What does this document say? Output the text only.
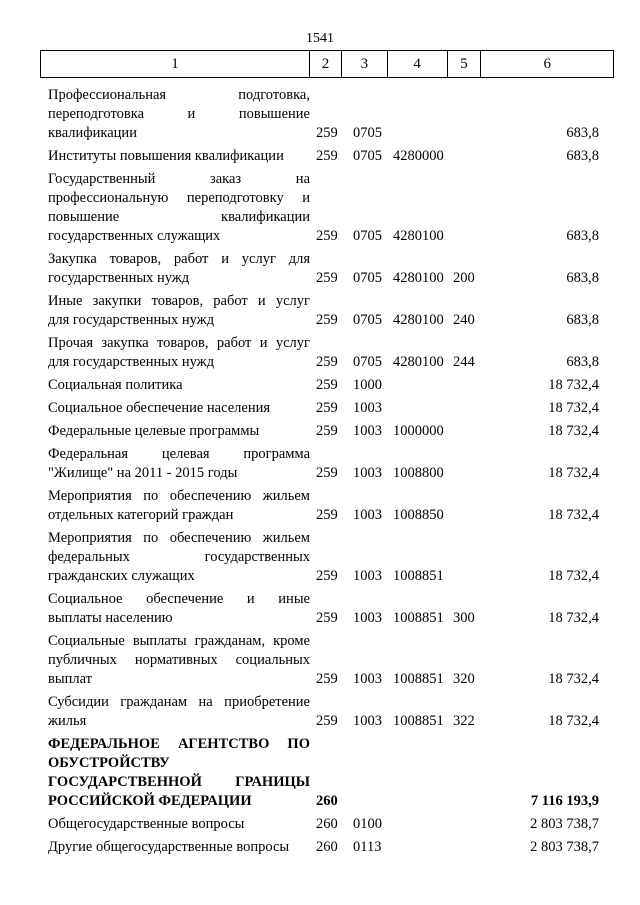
1541
1	2	3	4	5	6
Профессиональная подготовка,
переподготовка и повышение
квалификации	259 0705	683,8
Институты повышения квалификации	259 0705 4280000	683,8
Государственный заказ на
профессиональную переподготовку и
повышение квалификации
государственных служащих	259 0705 4280100	683,8
Закупка товаров, работ и услуг для
государственных нужд	259 0705 4280100 200	683,8
Иные закупки товаров, работ и услуг
для государственных нужд	259 0705 4280100 240	683,8
Прочая закупка товаров, работ и услуг
для государственных нужд	259 0705 4280100 244	683,8
Социальная политика	259 1000	18 732,4
Социальное обеспечение населения	259 1003	18 732,4
Федеральные целевые программы	259 1003 1000000	18 732,4
Федеральная целевая программа
"Жилище" на 2011 - 2015 годы	259 1003 1008800	18 732,4
Мероприятия по обеспечению жильем
отдельных категорий граждан	259 1003 1008850	18 732,4
Мероприятия по обеспечению жильем
федеральных государственных
гражданских служащих	259 1003 1008851	18 732,4
Социальное обеспечение и иные
выплаты населению	259 1003 1008851 300	18 732,4
Социальные выплаты гражданам, кроме
публичных нормативных социальных
выплат	259 1003 1008851 320	18 732,4
Субсидии гражданам на приобретение
жилья	259 1003 1008851 322	18 732,4
ФЕДЕРАЛЬНОЕ АГЕНТСТВО ПО
ОБУСТРОЙСТВУ
ГОСУДАРСТВЕННОЙ ГРАНИЦЫ
РОССИЙСКОЙ ФЕДЕРАЦИИ	260	7 116 193,9
Общегосударственные вопросы	260 0100	2 803 738,7
Другие общегосударственные вопросы	260 0113	2 803 738,7
